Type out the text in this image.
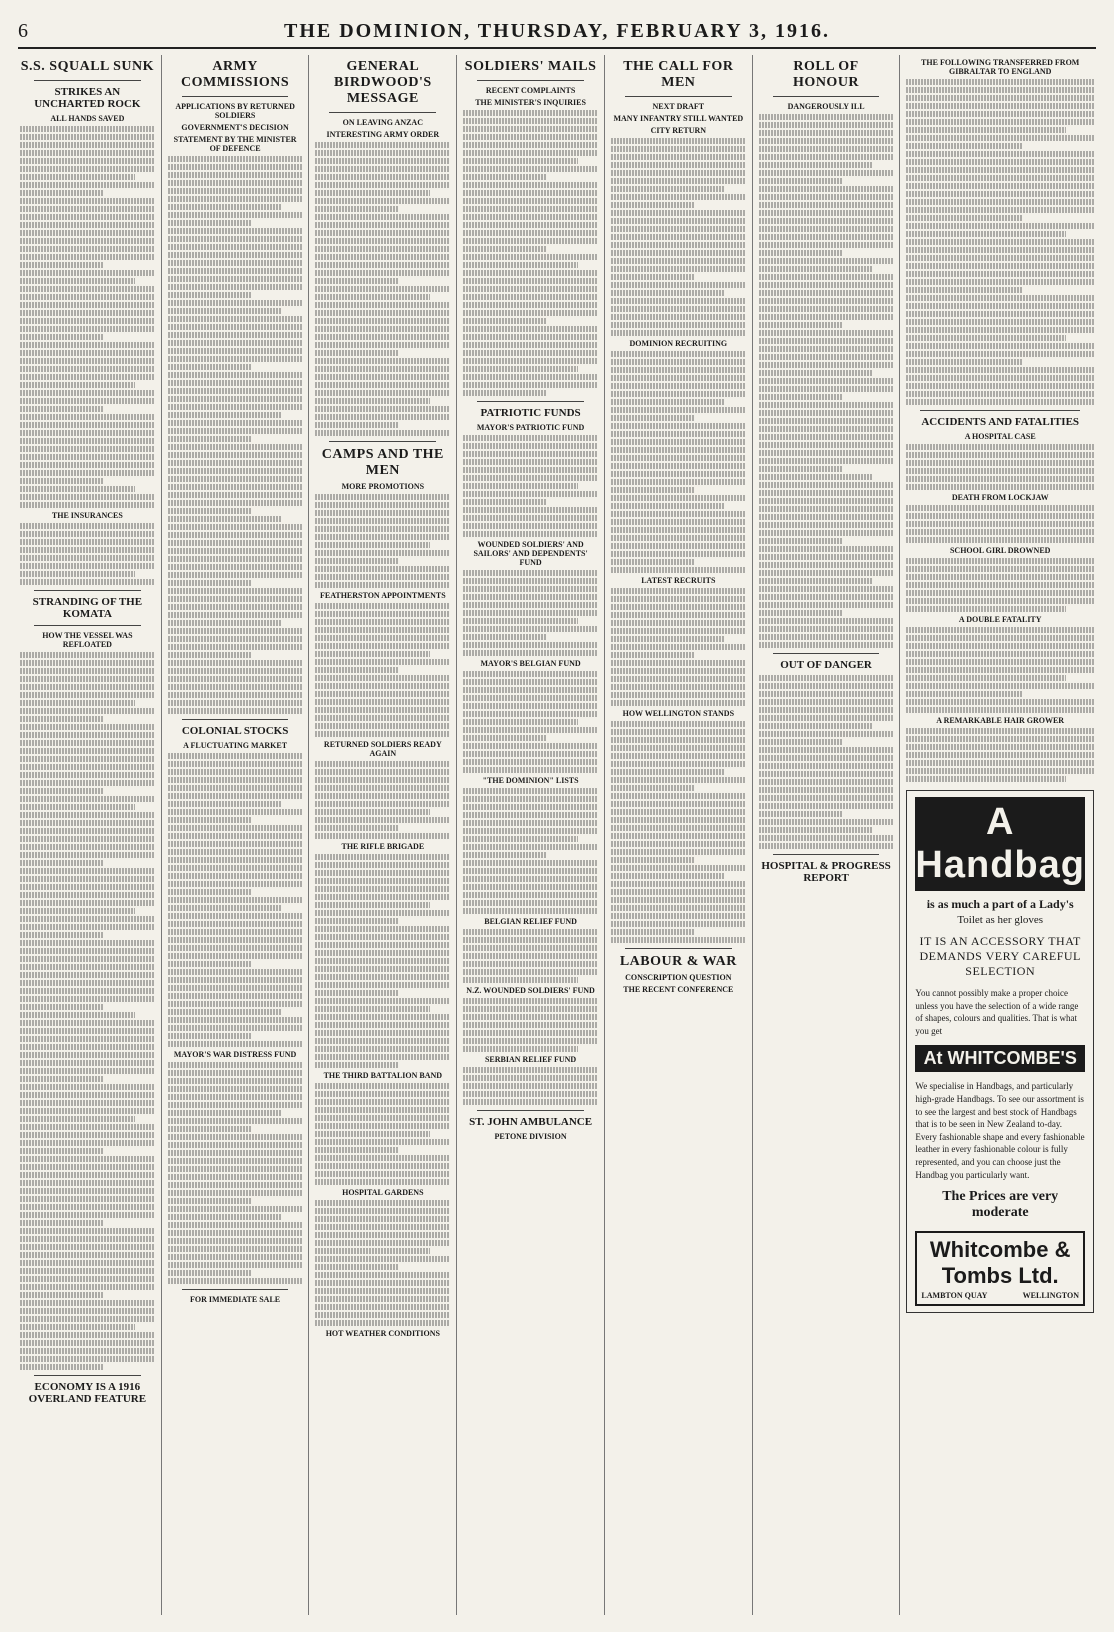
6	THE DOMINION, THURSDAY, FEBRUARY 3, 1916.
S.S. SQUALL SUNK
STRIKES AN UNCHARTED ROCK
ALL HANDS SAVED
THE INSURANCES
STRANDING OF THE KOMATA
HOW THE VESSEL WAS REFLOATED
ECONOMY IS A 1916 OVERLAND FEATURE
ARMY COMMISSIONS
APPLICATIONS BY RETURNED SOLDIERS
GOVERNMENT'S DECISION
STATEMENT BY THE MINISTER OF DEFENCE
COLONIAL STOCKS
A FLUCTUATING MARKET
MAYOR'S WAR DISTRESS FUND
FOR IMMEDIATE SALE
GENERAL BIRDWOOD'S MESSAGE
ON LEAVING ANZAC
INTERESTING ARMY ORDER
CAMPS AND THE MEN
MORE PROMOTIONS
FEATHERSTON APPOINTMENTS
RETURNED SOLDIERS READY AGAIN
THE RIFLE BRIGADE
THE THIRD BATTALION BAND
HOSPITAL GARDENS
HOT WEATHER CONDITIONS
SOLDIERS' MAILS
RECENT COMPLAINTS
THE MINISTER'S INQUIRIES
PATRIOTIC FUNDS
MAYOR'S PATRIOTIC FUND
WOUNDED SOLDIERS' AND SAILORS' AND DEPENDENTS' FUND
MAYOR'S BELGIAN FUND
"THE DOMINION" LISTS
BELGIAN RELIEF FUND
N.Z. WOUNDED SOLDIERS' FUND
SERBIAN RELIEF FUND
ST. JOHN AMBULANCE
PETONE DIVISION
THE CALL FOR MEN
NEXT DRAFT
MANY INFANTRY STILL WANTED
CITY RETURN
DOMINION RECRUITING
LATEST RECRUITS
HOW WELLINGTON STANDS
LABOUR & WAR
CONSCRIPTION QUESTION
THE RECENT CONFERENCE
ROLL OF HONOUR
DANGEROUSLY ILL
OUT OF DANGER
HOSPITAL & PROGRESS REPORT
THE FOLLOWING TRANSFERRED FROM GIBRALTAR TO ENGLAND
ACCIDENTS AND FATALITIES
A HOSPITAL CASE
DEATH FROM LOCKJAW
SCHOOL GIRL DROWNED
A DOUBLE FATALITY
A REMARKABLE HAIR GROWER
A Handbag
is as much a part of a Lady's
Toilet as her gloves
IT IS AN ACCESSORY THAT DEMANDS VERY CAREFUL SELECTION
You cannot possibly make a proper choice unless you have the selection of a wide range of shapes, colours and qualities. That is what you get
At WHITCOMBE'S
We specialise in Handbags, and particularly high-grade Handbags. To see our assortment is to see the largest and best stock of Handbags that is to be seen in New Zealand to-day. Every fashionable shape and every fashionable leather in every fashionable colour is fully represented, and you can choose just the Handbag you particularly want.
The Prices are very moderate
Whitcombe & Tombs Ltd.
LAMBTON QUAY	WELLINGTON
